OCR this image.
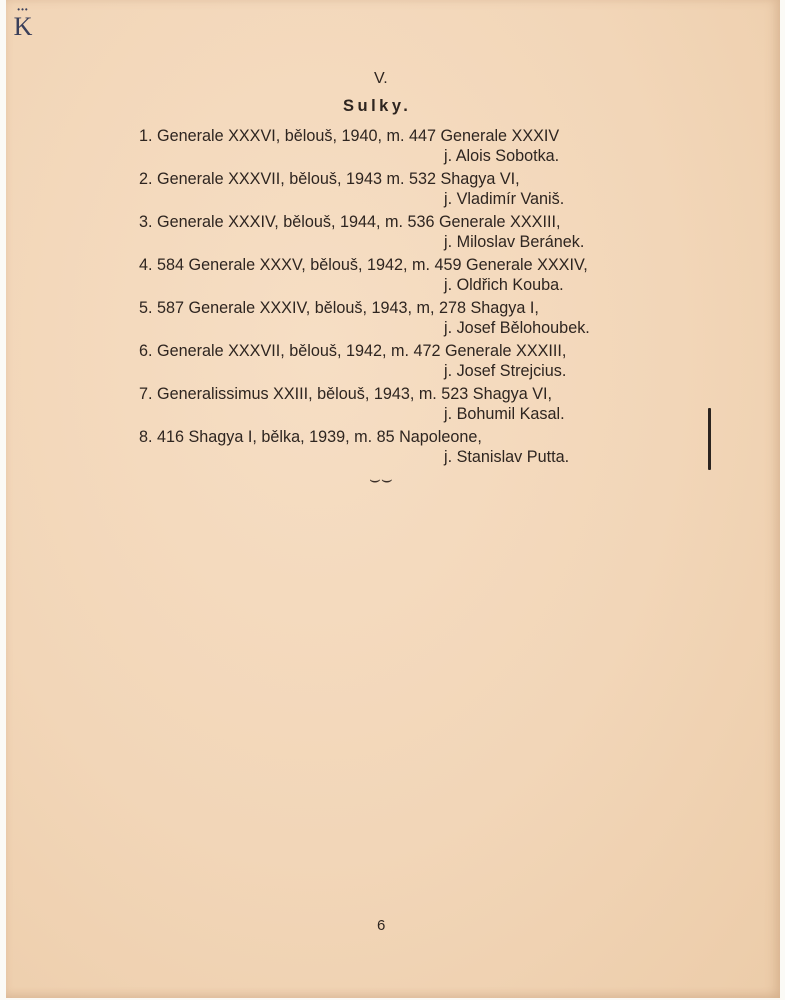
•••
K
V.
Sulky.
1. Generale XXXVI, bělouš, 1940, m. 447 Generale XXXIV
j. Alois Sobotka.
2. Generale XXXVII, bělouš, 1943 m. 532 Shagya VI,
j. Vladimír Vaniš.
3. Generale XXXIV, bělouš, 1944, m. 536 Generale XXXIII,
j. Miloslav Beránek.
4. 584 Generale XXXV, bělouš, 1942, m. 459 Generale XXXIV,
j. Oldřich Kouba.
5. 587 Generale XXXIV, bělouš, 1943, m, 278 Shagya I,
j. Josef Bělohoubek.
6. Generale XXXVII, bělouš, 1942, m. 472 Generale XXXIII,
j. Josef Strejcius.
7. Generalissimus XXIII, bělouš, 1943, m. 523 Shagya VI,
j. Bohumil Kasal.
8. 416 Shagya I, bělka, 1939, m. 85 Napoleone,
j. Stanislav Putta.
⌣⌣
6
